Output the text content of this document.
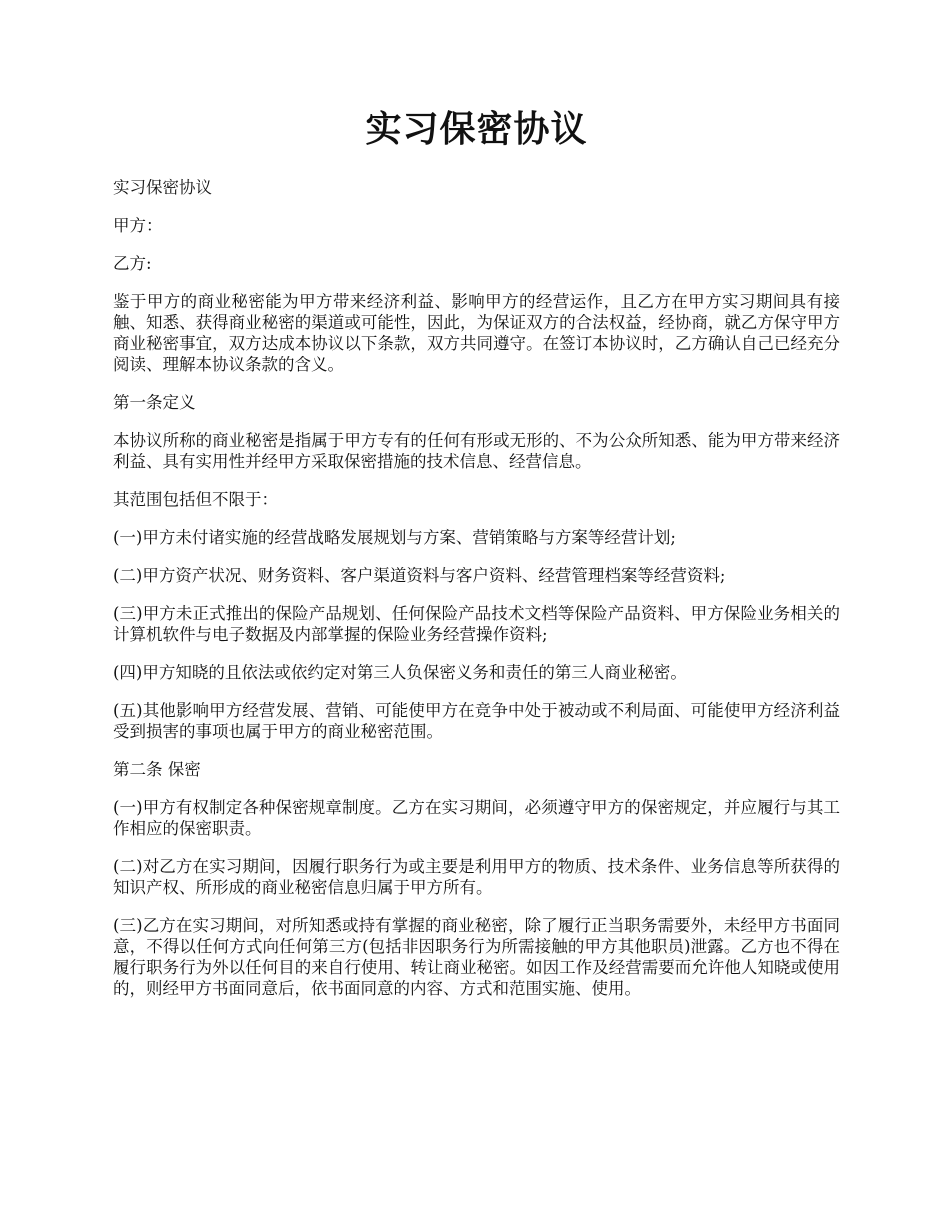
实习保密协议

实习保密协议

甲方：

乙方:

鉴于甲方的商业秘密能为甲方带来经济利益、影响甲方的经营运作，且乙方在甲方实习期间具有接触、知悉、获得商业秘密的渠道或可能性，因此，为保证双方的合法权益，经协商，就乙方保守甲方商业秘密事宜，双方达成本协议以下条款，双方共同遵守。在签订本协议时，乙方确认自己已经充分阅读、理解本协议条款的含义。

第一条定义

本协议所称的商业秘密是指属于甲方专有的任何有形或无形的、不为公众所知悉、能为甲方带来经济利益、具有实用性并经甲方采取保密措施的技术信息、经营信息。

其范围包括但不限于：

(一)甲方未付诸实施的经营战略发展规划与方案、营销策略与方案等经营计划;

(二)甲方资产状况、财务资料、客户渠道资料与客户资料、经营管理档案等经营资料;

(三)甲方未正式推出的保险产品规划、任何保险产品技术文档等保险产品资料、甲方保险业务相关的计算机软件与电子数据及内部掌握的保险业务经营操作资料;

(四)甲方知晓的且依法或依约定对第三人负保密义务和责任的第三人商业秘密。

(五)其他影响甲方经营发展、营销、可能使甲方在竞争中处于被动或不利局面、可能使甲方经济利益受到损害的事项也属于甲方的商业秘密范围。

第二条 保密

(一)甲方有权制定各种保密规章制度。乙方在实习期间，必须遵守甲方的保密规定，并应履行与其工作相应的保密职责。

(二)对乙方在实习期间，因履行职务行为或主要是利用甲方的物质、技术条件、业务信息等所获得的知识产权、所形成的商业秘密信息归属于甲方所有。

(三)乙方在实习期间，对所知悉或持有掌握的商业秘密，除了履行正当职务需要外，未经甲方书面同意，不得以任何方式向任何第三方(包括非因职务行为所需接触的甲方其他职员)泄露。乙方也不得在履行职务行为外以任何目的来自行使用、转让商业秘密。如因工作及经营需要而允许他人知晓或使用的，则经甲方书面同意后，依书面同意的内容、方式和范围实施、使用。
